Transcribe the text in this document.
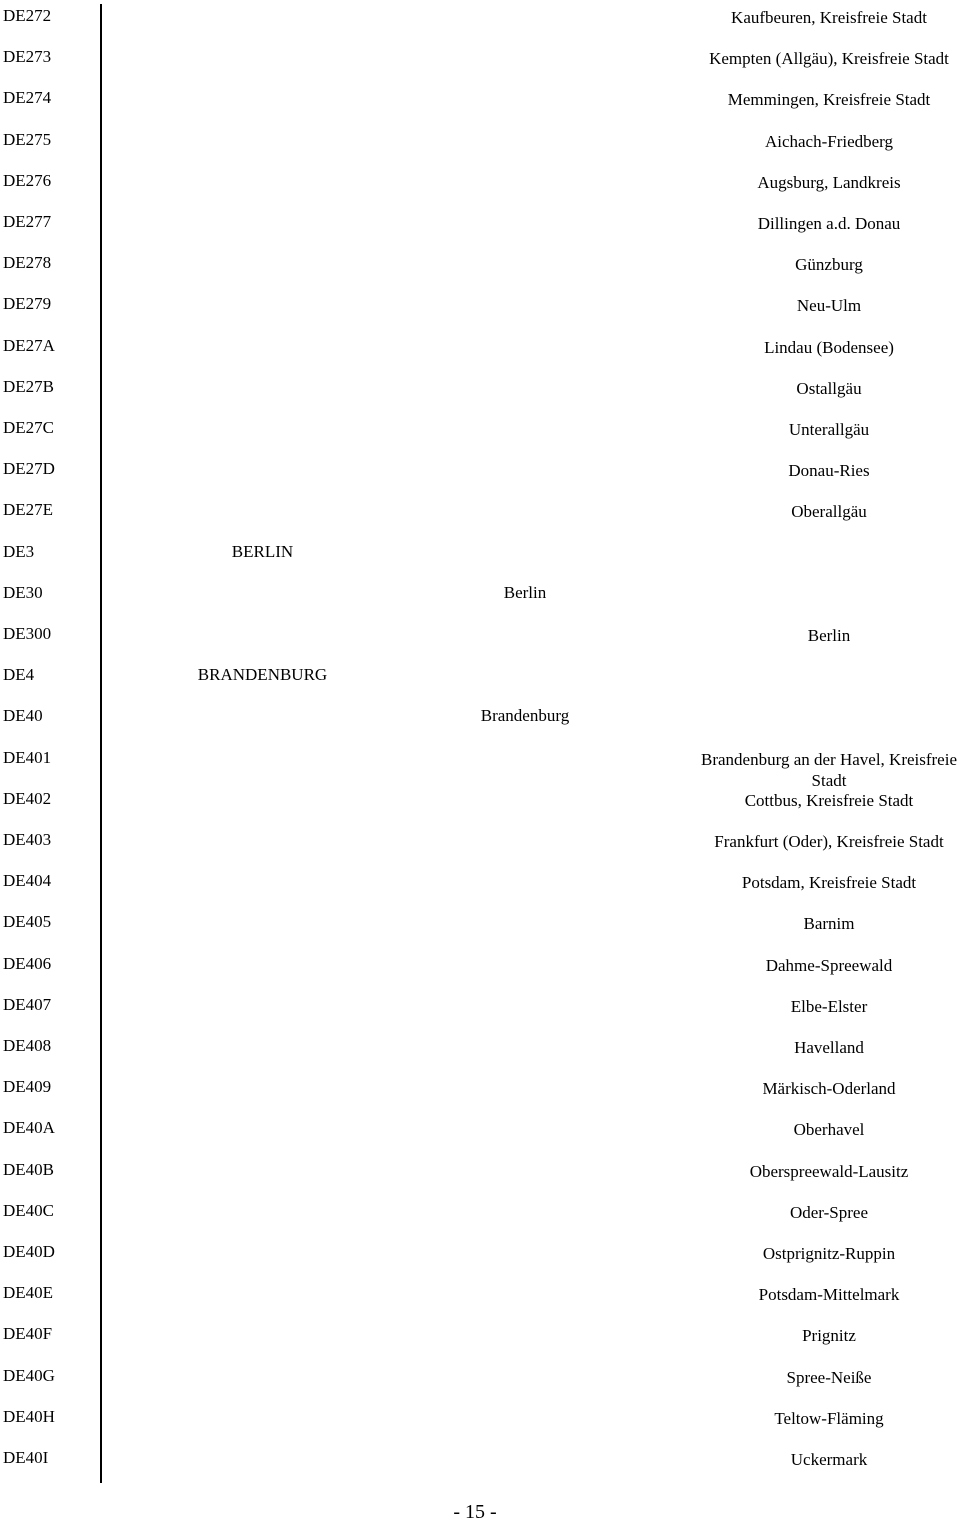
DE272	Kaufbeuren, Kreisfreie Stadt
DE273	Kempten (Allgäu), Kreisfreie Stadt
DE274	Memmingen, Kreisfreie Stadt
DE275	Aichach-Friedberg
DE276	Augsburg, Landkreis
DE277	Dillingen a.d. Donau
DE278	Günzburg
DE279	Neu-Ulm
DE27A	Lindau (Bodensee)
DE27B	Ostallgäu
DE27C	Unterallgäu
DE27D	Donau-Ries
DE27E	Oberallgäu
DE3	BERLIN
DE30	Berlin
DE300	Berlin
DE4	BRANDENBURG
DE40	Brandenburg
DE401	Brandenburg an der Havel, Kreisfreie Stadt
DE402	Cottbus, Kreisfreie Stadt
DE403	Frankfurt (Oder), Kreisfreie Stadt
DE404	Potsdam, Kreisfreie Stadt
DE405	Barnim
DE406	Dahme-Spreewald
DE407	Elbe-Elster
DE408	Havelland
DE409	Märkisch-Oderland
DE40A	Oberhavel
DE40B	Oberspreewald-Lausitz
DE40C	Oder-Spree
DE40D	Ostprignitz-Ruppin
DE40E	Potsdam-Mittelmark
DE40F	Prignitz
DE40G	Spree-Neiße
DE40H	Teltow-Fläming
DE40I	Uckermark
- 15 -
